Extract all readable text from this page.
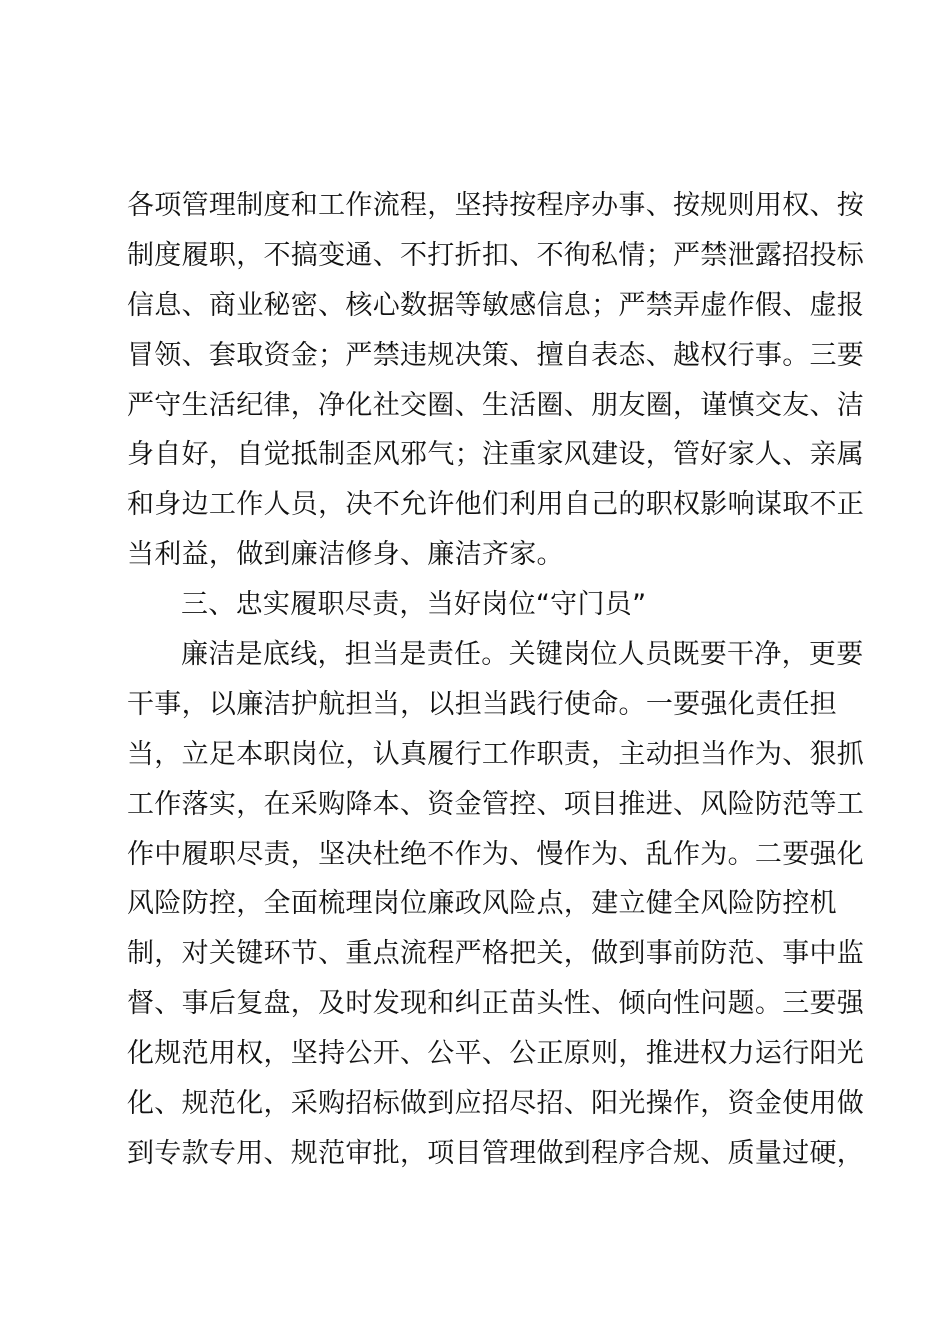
各项管理制度和工作流程，坚持按程序办事、按规则用权、按
制度履职，不搞变通、不打折扣、不徇私情；严禁泄露招投标
信息、商业秘密、核心数据等敏感信息；严禁弄虚作假、虚报
冒领、套取资金；严禁违规决策、擅自表态、越权行事。三要
严守生活纪律，净化社交圈、生活圈、朋友圈，谨慎交友、洁
身自好，自觉抵制歪风邪气；注重家风建设，管好家人、亲属
和身边工作人员，决不允许他们利用自己的职权影响谋取不正
当利益，做到廉洁修身、廉洁齐家。
三、忠实履职尽责，当好岗位“守门员”
廉洁是底线，担当是责任。关键岗位人员既要干净，更要
干事，以廉洁护航担当，以担当践行使命。一要强化责任担
当，立足本职岗位，认真履行工作职责，主动担当作为、狠抓
工作落实，在采购降本、资金管控、项目推进、风险防范等工
作中履职尽责，坚决杜绝不作为、慢作为、乱作为。二要强化
风险防控，全面梳理岗位廉政风险点，建立健全风险防控机
制，对关键环节、重点流程严格把关，做到事前防范、事中监
督、事后复盘，及时发现和纠正苗头性、倾向性问题。三要强
化规范用权，坚持公开、公平、公正原则，推进权力运行阳光
化、规范化，采购招标做到应招尽招、阳光操作，资金使用做
到专款专用、规范审批，项目管理做到程序合规、质量过硬，
